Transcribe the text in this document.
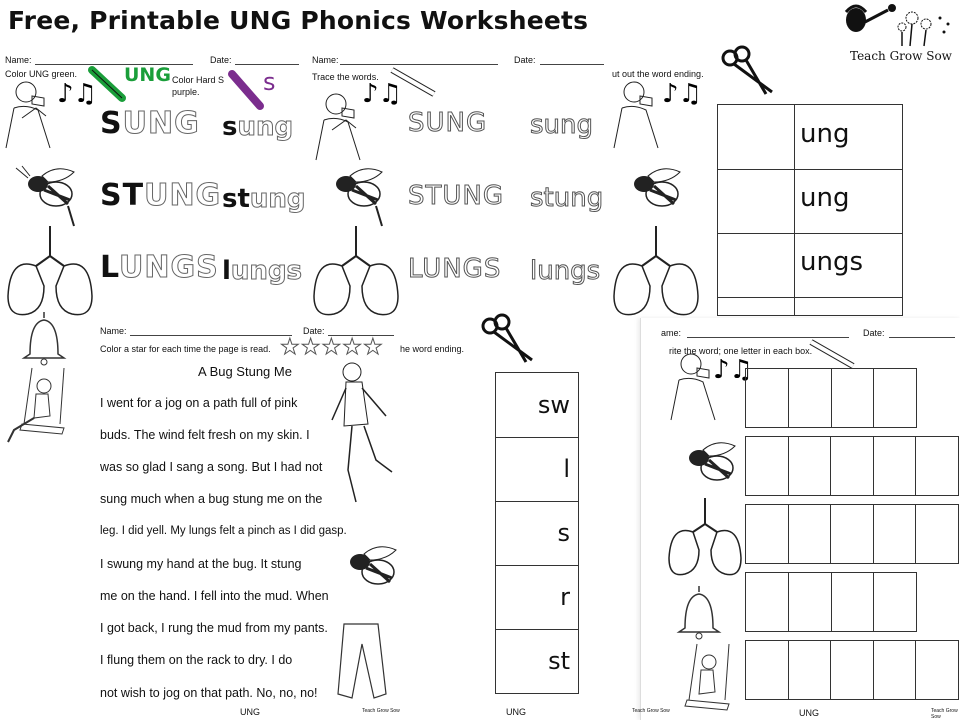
Free, Printable UNG Phonics Worksheets
Teach Grow Sow
Name:	Date:
Color UNG green.
Color Hard S
purple.
UNG	s
♪♫
SUNG sung
STUNG stung
LUNGS lungs
Name:	Date:
Trace the words.
♪♫
SUNG sung
STUNG stung
LUNGS lungs
ut out the word ending.
♪♫
ung
ung
ungs
Name:	Date:
Color a star for each time the page is read. ★★★★★
A Bug Stung Me
I went for a jog on a path full of pink
buds. The wind felt fresh on my skin. I
was so glad I sang a song. But I had not
sung much when a bug stung me on the
leg. I did yell. My lungs felt a pinch as I did gasp.
I swung my hand at the bug. It stung
me on the hand. I fell into the mud. When
I got back, I rung the mud from my pants.
I flung them on the rack to dry. I do
not wish to jog on that path. No, no, no!
UNG	Teach Grow Sow
he word ending.
sw
l
s
r
st
UNG
ame:	Date:
rite the word; one letter in each box.
♪♫
UNG	Teach Grow Sow
Teach Grow Sow
